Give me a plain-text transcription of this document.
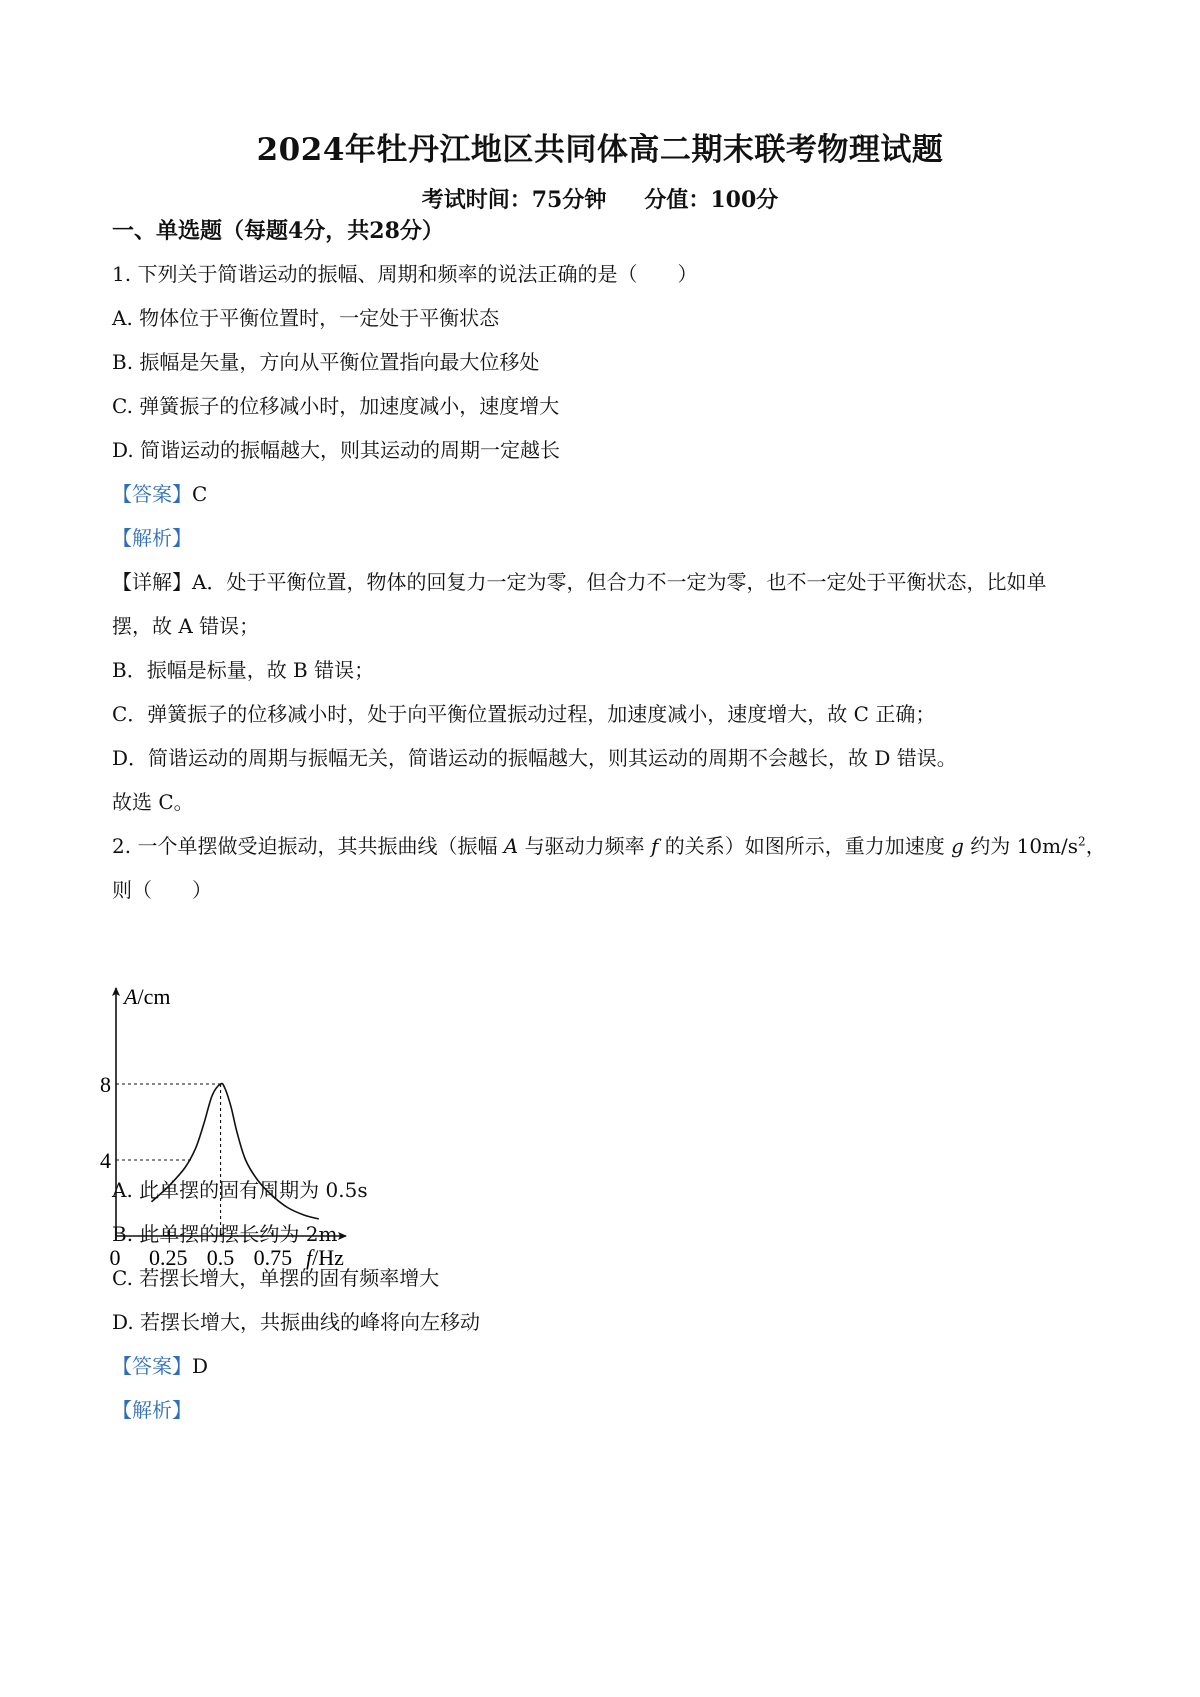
2024年牡丹江地区共同体高二期末联考物理试题
考试时间：75分钟 分值：100分
一、单选题（每题4分，共28分）
1. 下列关于简谐运动的振幅、周期和频率的说法正确的是（　　）
A. 物体位于平衡位置时，一定处于平衡状态
B. 振幅是矢量，方向从平衡位置指向最大位移处
C. 弹簧振子的位移减小时，加速度减小，速度增大
D. 简谐运动的振幅越大，则其运动的周期一定越长
【答案】C
【解析】
【详解】A．处于平衡位置，物体的回复力一定为零，但合力不一定为零，也不一定处于平衡状态，比如单
摆，故 A 错误；
B．振幅是标量，故 B 错误；
C．弹簧振子的位移减小时，处于向平衡位置振动过程，加速度减小，速度增大，故 C 正确；
D．简谐运动的周期与振幅无关，简谐运动的振幅越大，则其运动的周期不会越长，故 D 错误。
故选 C。
2. 一个单摆做受迫振动，其共振曲线（振幅 A 与驱动力频率 f 的关系）如图所示，重力加速度 g 约为 $10m/s^2$，
则（　　）
0.25 0.5 0.75
4
8
0
A/cm
f/Hz
A. 此单摆的固有周期为 0.5s
B. 此单摆的摆长约为 2m
C. 若摆长增大，单摆的固有频率增大
D. 若摆长增大，共振曲线的峰将向左移动
【答案】D
【解析】
